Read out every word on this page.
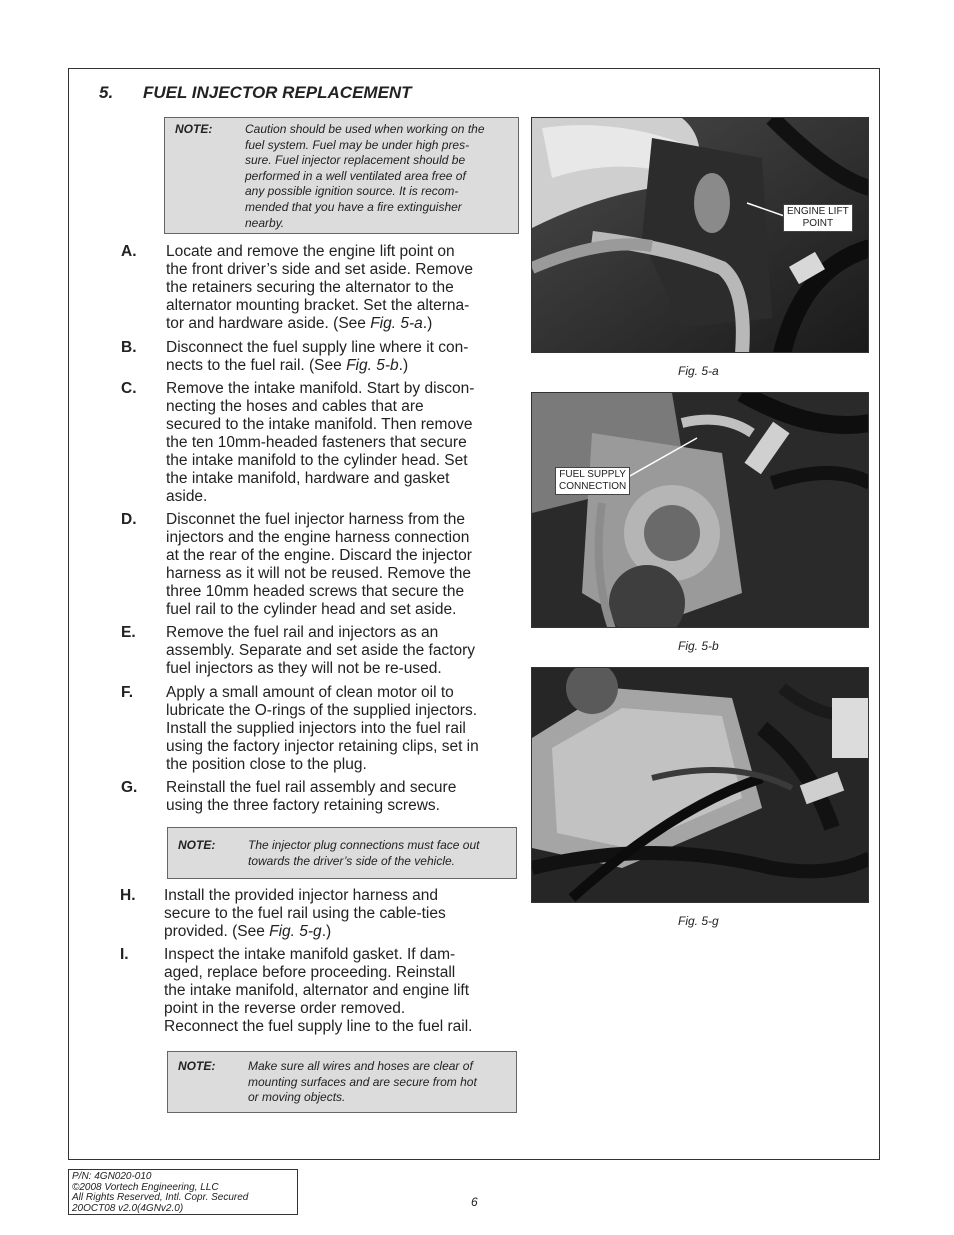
5. FUEL INJECTOR REPLACEMENT
NOTE:	Caution should be used when working on the
fuel system. Fuel may be under high pres-
sure. Fuel injector replacement should be
performed in a well ventilated area free of
any possible ignition source. It is recom-
mended that you have a fire extinguisher
nearby.
A. Locate and remove the engine lift point on
the front driver’s side and set aside. Remove
the retainers securing the alternator to the
alternator mounting bracket. Set the alterna-
tor and hardware aside. (See Fig. 5-a.)
B. Disconnect the fuel supply line where it con-
nects to the fuel rail. (See Fig. 5-b.)
C. Remove the intake manifold. Start by discon-
necting the hoses and cables that are
secured to the intake manifold. Then remove
the ten 10mm-headed fasteners that secure
the intake manifold to the cylinder head. Set
the intake manifold, hardware and gasket
aside.
D. Disconnet the fuel injector harness from the
injectors and the engine harness connection
at the rear of the engine. Discard the injector
harness as it will not be reused. Remove the
three 10mm headed screws that secure the
fuel rail to the cylinder head and set aside.
E. Remove the fuel rail and injectors as an
assembly. Separate and set aside the factory
fuel injectors as they will not be re-used.
F. Apply a small amount of clean motor oil to
lubricate the O-rings of the supplied injectors.
Install the supplied injectors into the fuel rail
using the factory injector retaining clips, set in
the position close to the plug.
G. Reinstall the fuel rail assembly and secure
using the three factory retaining screws.
NOTE:	The injector plug connections must face out
towards the driver’s side of the vehicle.
H. Install the provided injector harness and
secure to the fuel rail using the cable-ties
provided. (See Fig. 5-g.)
I. Inspect the intake manifold gasket. If dam-
aged, replace before proceeding. Reinstall
the intake manifold, alternator and engine lift
point in the reverse order removed.
Reconnect the fuel supply line to the fuel rail.
NOTE:	Make sure all wires and hoses are clear of
mounting surfaces and are secure from hot
or moving objects.
ENGINE LIFT
POINT
Fig. 5-a
FUEL SUPPLY
CONNECTION
Fig. 5-b
Fig. 5-g
P/N: 4GN020-010
©2008 Vortech Engineering, LLC
All Rights Reserved, Intl. Copr. Secured
20OCT08 v2.0(4GNv2.0)	6
